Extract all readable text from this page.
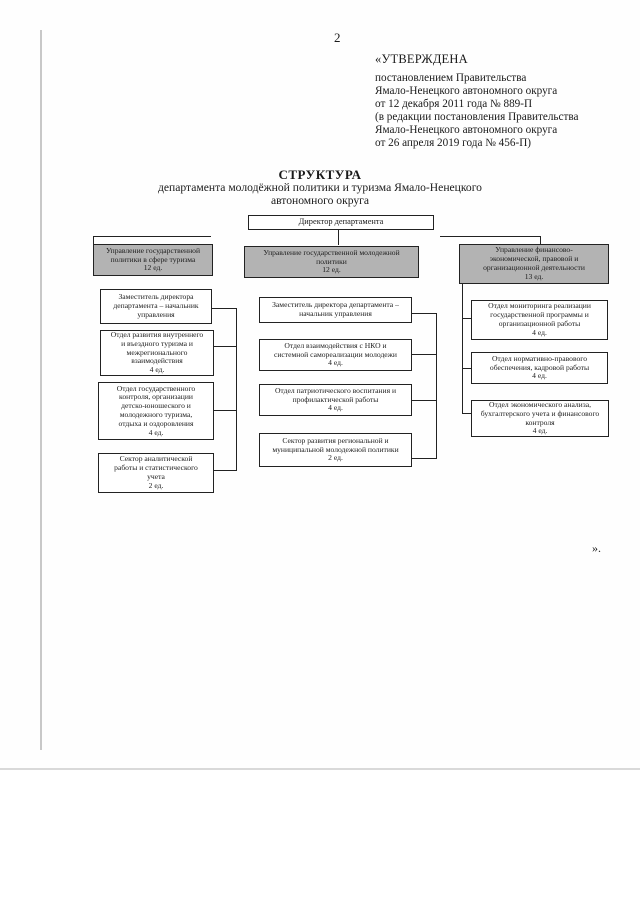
2
«УТВЕРЖДЕНА
постановлением Правительства
Ямало-Ненецкого автономного округа
от 12 декабря 2011 года № 889-П
(в редакции постановления Правительства
Ямало-Ненецкого автономного округа
от 26 апреля 2019 года № 456-П)
СТРУКТУРА
департамента молодёжной политики и туризма Ямало-Ненецкого
автономного округа
Директор департамента
Управление государственной
политики в сфере туризма
12 ед.
Заместитель директора
департамента – начальник
управления
Отдел развития внутреннего
и въездного туризма и
межрегионального
взаимодействия
4 ед.
Отдел государственного
контроля, организации
детско-юношеского и
молодежного туризма,
отдыха и оздоровления
4 ед.
Сектор аналитической
работы и статистического
учета
2 ед.
Управление государственной молодежной
политики
12 ед.
Заместитель директора департамента –
начальник управления
Отдел взаимодействия с НКО и
системной самореализации молодежи
4 ед.
Отдел патриотического воспитания и
профилактической работы
4 ед.
Сектор развития региональной и
муниципальной молодежной политики
2 ед.
Управление финансово-
экономической, правовой и
организационной деятельности
13 ед.
Отдел мониторинга реализации
государственной программы и
организационной работы
4 ед.
Отдел нормативно-правового
обеспечения, кадровой работы
4 ед.
Отдел экономического анализа,
бухгалтерского учета и финансового
контроля
4 ед.
».
